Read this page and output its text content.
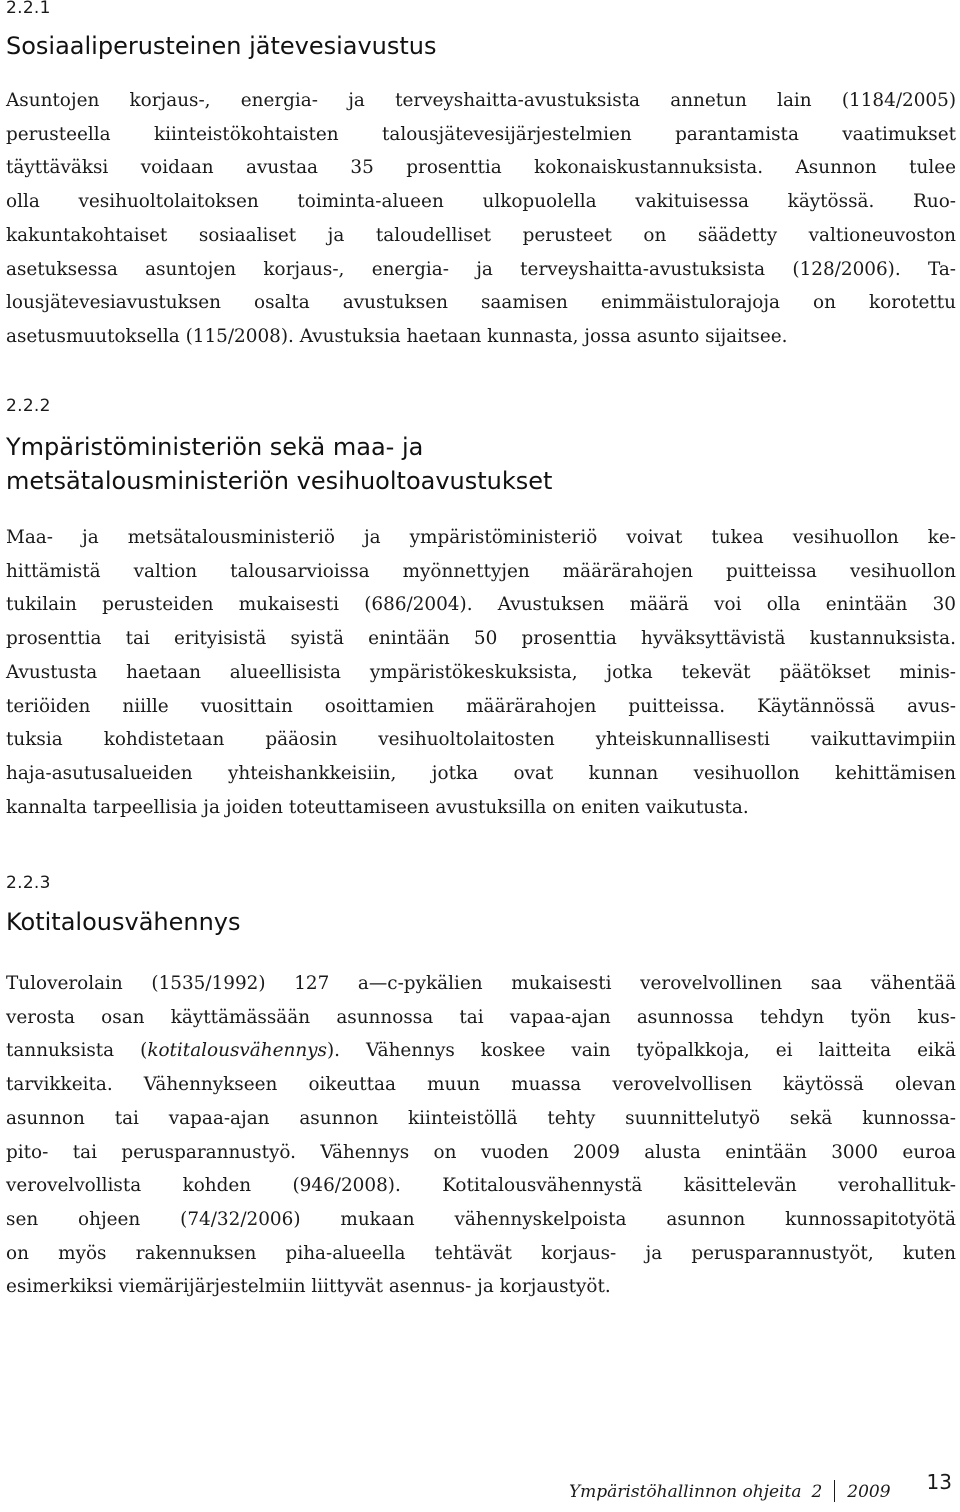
2.2.1
Sosiaaliperusteinen jätevesiavustus

Asuntojen korjaus-, energia- ja terveyshaitta-avustuksista annetun lain (1184/2005)
perusteella kiinteistökohtaisten talousjätevesijärjestelmien parantamista vaatimukset
täyttäväksi voidaan avustaa 35 prosenttia kokonaiskustannuksista. Asunnon tulee
olla vesihuoltolaitoksen toiminta-alueen ulkopuolella vakituisessa käytössä. Ruo-
kakuntakohtaiset sosiaaliset ja taloudelliset perusteet on säädetty valtioneuvoston
asetuksessa asuntojen korjaus-, energia- ja terveyshaitta-avustuksista (128/2006). Ta-
lousjätevesiavustuksen osalta avustuksen saamisen enimmäistulorajoja on korotettu
asetusmuutoksella (115/2008). Avustuksia haetaan kunnasta, jossa asunto sijaitsee.

2.2.2
Ympäristöministeriön sekä maa- ja
metsätalousministeriön vesihuoltoavustukset

Maa- ja metsätalousministeriö ja ympäristöministeriö voivat tukea vesihuollon ke-
hittämistä valtion talousarvioissa myönnettyjen määrärahojen puitteissa vesihuollon
tukilain perusteiden mukaisesti (686/2004). Avustuksen määrä voi olla enintään 30
prosenttia tai erityisistä syistä enintään 50 prosenttia hyväksyttävistä kustannuksista.
Avustusta haetaan alueellisista ympäristökeskuksista, jotka tekevät päätökset minis-
teriöiden niille vuosittain osoittamien määrärahojen puitteissa. Käytännössä avus-
tuksia kohdistetaan pääosin vesihuoltolaitosten yhteiskunnallisesti vaikuttavimpiin
haja-asutusalueiden yhteishankkeisiin, jotka ovat kunnan vesihuollon kehittämisen
kannalta tarpeellisia ja joiden toteuttamiseen avustuksilla on eniten vaikutusta.

2.2.3
Kotitalousvähennys

Tuloverolain (1535/1992) 127 a—c-pykälien mukaisesti verovelvollinen saa vähentää
verosta osan käyttämässään asunnossa tai vapaa-ajan asunnossa tehdyn työn kus-
tannuksista (kotitalousvähennys). Vähennys koskee vain työpalkkoja, ei laitteita eikä
tarvikkeita. Vähennykseen oikeuttaa muun muassa verovelvollisen käytössä olevan
asunnon tai vapaa-ajan asunnon kiinteistöllä tehty suunnittelutyö sekä kunnossa-
pito- tai perusparannustyö. Vähennys on vuoden 2009 alusta enintään 3000 euroa
verovelvollista kohden (946/2008). Kotitalousvähennystä käsittelevän verohallituk-
sen ohjeen (74/32/2006) mukaan vähennyskelpoista asunnon kunnossapitotyötä
on myös rakennuksen piha-alueella tehtävät korjaus- ja perusparannustyöt, kuten
esimerkiksi viemärijärjestelmiin liittyvät asennus- ja korjaustyöt.

Ympäristöhallinnon ohjeita 2	2009 13
